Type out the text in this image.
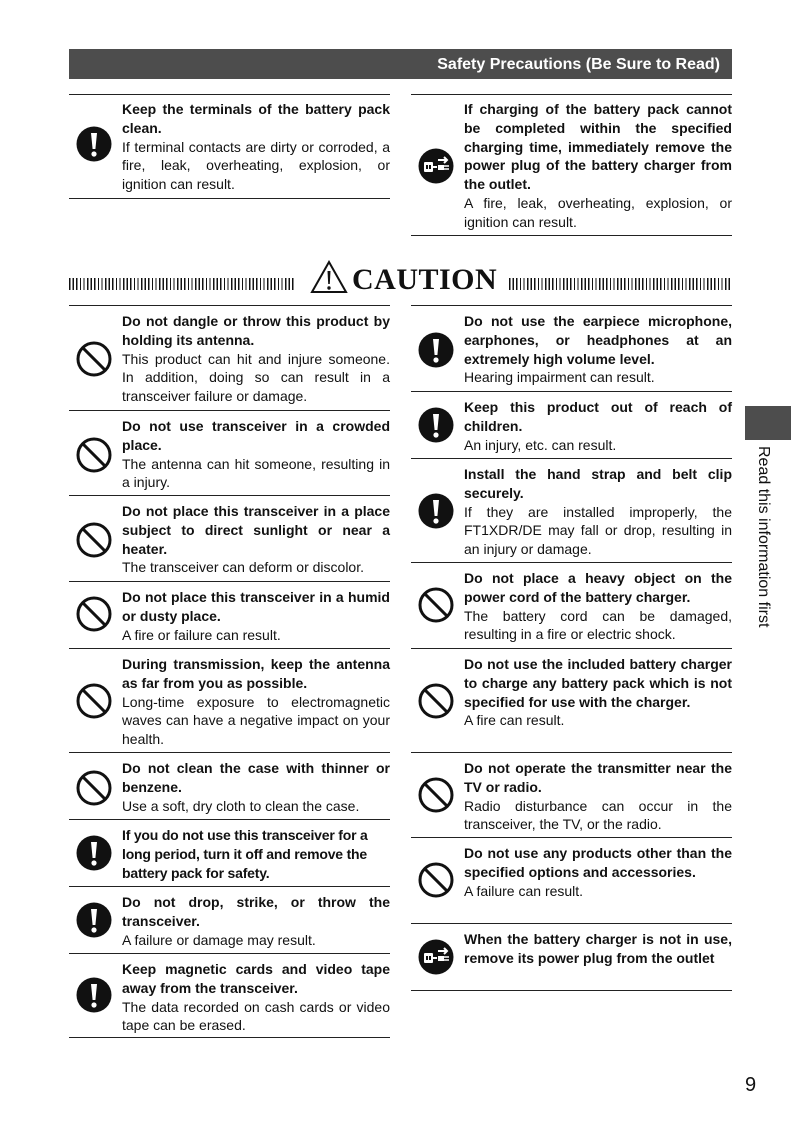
Safety Precautions (Be Sure to Read)
Keep the terminals of the battery pack clean.
If terminal contacts are dirty or corroded, a fire, leak, overheating, explosion, or ignition can result.
If charging of the battery pack cannot be completed within the specified charging time, immediately remove the power plug of the battery charger from the outlet.
A fire, leak, overheating, explosion, or ignition can result.
CAUTION
Do not dangle or throw this product by holding its antenna.
This product can hit and injure someone. In addition, doing so can result in a transceiver failure or damage.
Do not use transceiver in a crowded place.
The antenna can hit someone, resulting in a injury.
Do not place this transceiver in a place subject to direct sunlight or near a heater.
The transceiver can deform or discolor.
Do not place this transceiver in a humid or dusty place.
A fire or failure can result.
During transmission, keep the antenna as far from you as possible.
Long-time exposure to electromagnetic waves can have a negative impact on your health.
Do not clean the case with thinner or benzene.
Use a soft, dry cloth to clean the case.
If you do not use this transceiver for a long period, turn it off and remove the battery pack for safety.
Do not drop, strike, or throw the transceiver.
A failure or damage may result.
Keep magnetic cards and video tape away from the transceiver.
The data recorded on cash cards or video tape can be erased.
Do not use the earpiece microphone, earphones, or headphones at an extremely high volume level.
Hearing impairment can result.
Keep this product out of reach of children.
An injury, etc. can result.
Install the hand strap and belt clip securely.
If they are installed improperly, the FT1XDR/DE may fall or drop, resulting in an injury or damage.
Do not place a heavy object on the power cord of the battery charger.
The battery cord can be damaged, resulting in a fire or electric shock.
Do not use the included battery charger to charge any battery pack which is not specified for use with the charger.
A fire can result.
Do not operate the transmitter near the TV or radio.
Radio disturbance can occur in the transceiver, the TV, or the radio.
Do not use any products other than the specified options and accessories.
A failure can result.
When the battery charger is not in use, remove its power plug from the outlet
Read this information first
9
